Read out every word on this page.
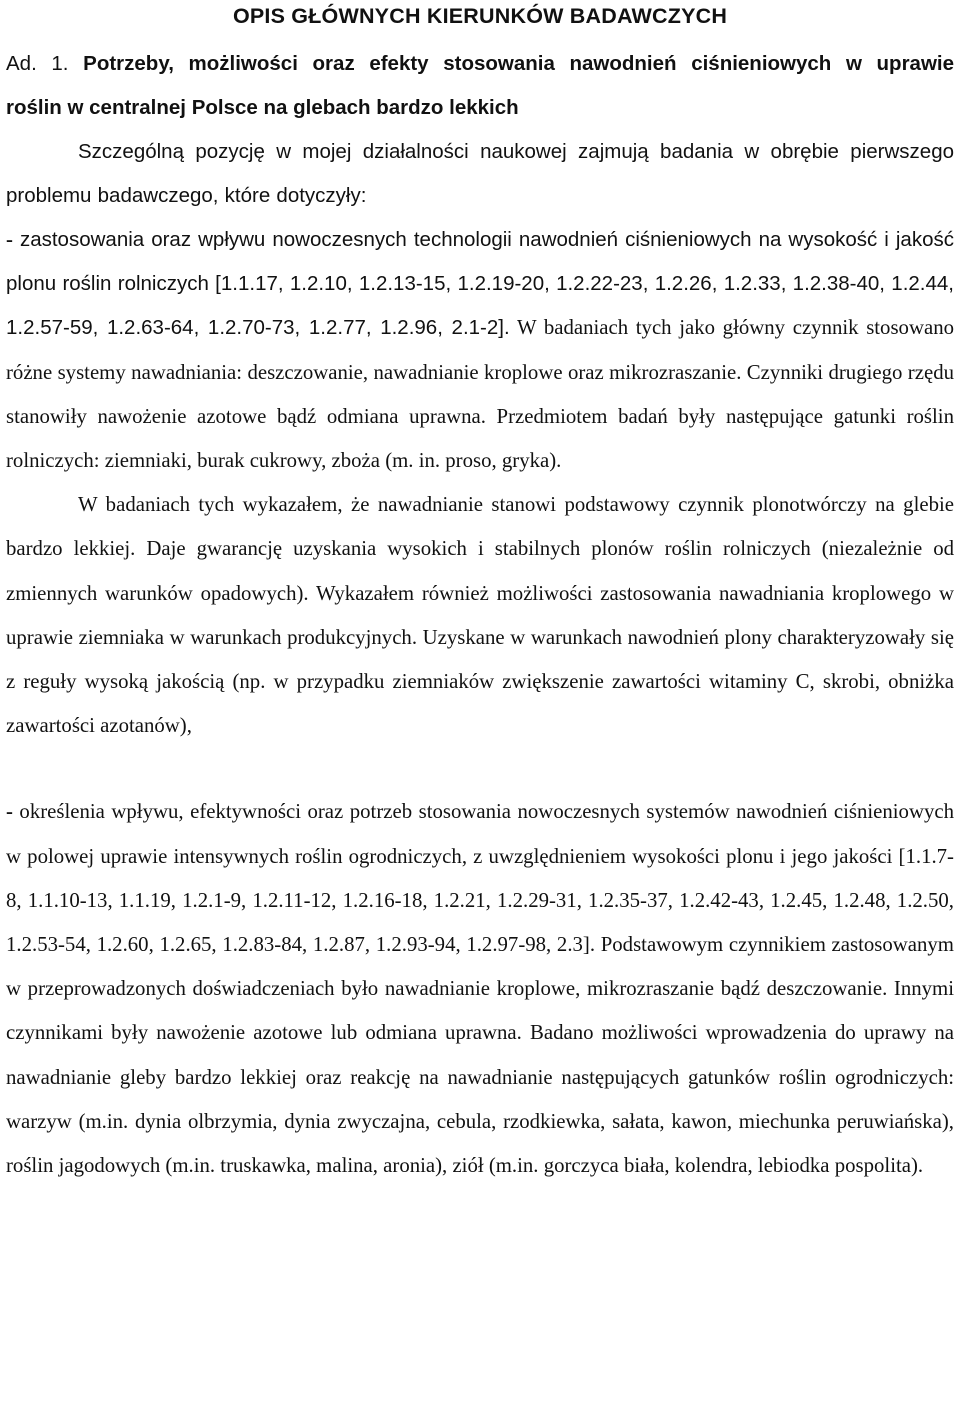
OPIS GŁÓWNYCH KIERUNKÓW BADAWCZYCH

Ad. 1. Potrzeby, możliwości oraz efekty stosowania nawodnień ciśnieniowych w uprawie

roślin w centralnej Polsce na glebach bardzo lekkich

Szczególną pozycję w mojej działalności naukowej zajmują badania w obrębie pierwszego problemu badawczego, które dotyczyły:

- zastosowania oraz wpływu nowoczesnych technologii nawodnień ciśnieniowych na wysokość i jakość plonu roślin rolniczych [1.1.17, 1.2.10, 1.2.13-15, 1.2.19-20, 1.2.22-23, 1.2.26, 1.2.33, 1.2.38-40, 1.2.44, 1.2.57-59, 1.2.63-64, 1.2.70-73, 1.2.77, 1.2.96, 2.1-2]. W badaniach tych jako główny czynnik stosowano różne systemy nawadniania: deszczowanie, nawadnianie kroplowe oraz mikrozraszanie. Czynniki drugiego rzędu stanowiły nawożenie azotowe bądź odmiana uprawna. Przedmiotem badań były następujące gatunki roślin rolniczych: ziemniaki, burak cukrowy, zboża (m. in. proso, gryka).

W badaniach tych wykazałem, że nawadnianie stanowi podstawowy czynnik plonotwórczy na glebie bardzo lekkiej. Daje gwarancję uzyskania wysokich i stabilnych plonów roślin rolniczych (niezależnie od zmiennych warunków opadowych). Wykazałem również możliwości zastosowania nawadniania kroplowego w uprawie ziemniaka w warunkach produkcyjnych. Uzyskane w warunkach nawodnień plony charakteryzowały się z reguły wysoką jakością (np. w przypadku ziemniaków zwiększenie zawartości witaminy C, skrobi, obniżka zawartości azotanów),

- określenia wpływu, efektywności oraz potrzeb stosowania nowoczesnych systemów nawodnień ciśnieniowych w polowej uprawie intensywnych roślin ogrodniczych, z uwzględnieniem wysokości plonu i jego jakości [1.1.7-8, 1.1.10-13, 1.1.19, 1.2.1-9, 1.2.11-12, 1.2.16-18, 1.2.21, 1.2.29-31, 1.2.35-37, 1.2.42-43, 1.2.45, 1.2.48, 1.2.50, 1.2.53-54, 1.2.60, 1.2.65, 1.2.83-84, 1.2.87, 1.2.93-94, 1.2.97-98, 2.3]. Podstawowym czynnikiem zastosowanym w przeprowadzonych doświadczeniach było nawadnianie kroplowe, mikrozraszanie bądź deszczowanie. Innymi czynnikami były nawożenie azotowe lub odmiana uprawna. Badano możliwości wprowadzenia do uprawy na nawadnianie gleby bardzo lekkiej oraz reakcję na nawadnianie następujących gatunków roślin ogrodniczych: warzyw (m.in. dynia olbrzymia, dynia zwyczajna, cebula, rzodkiewka, sałata, kawon, miechunka peruwiańska), roślin jagodowych (m.in. truskawka, malina, aronia), ziół (m.in. gorczyca biała, kolendra, lebiodka pospolita).
